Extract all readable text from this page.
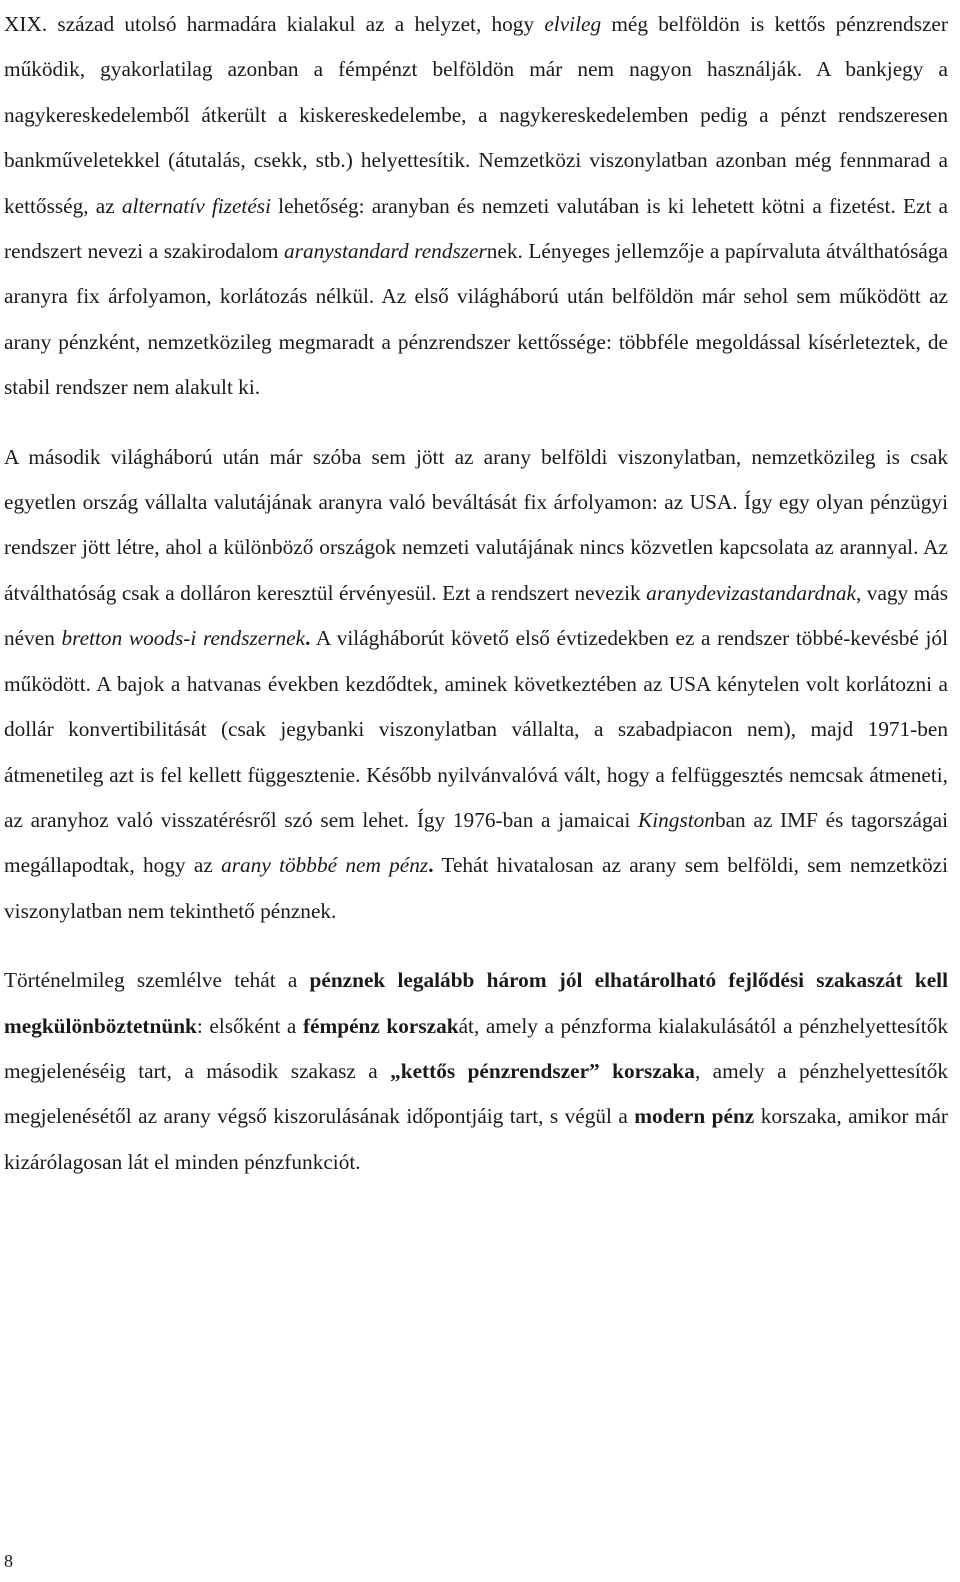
XIX. század utolsó harmadára kialakul az a helyzet, hogy elvileg még belföldön is kettős pénzrendszer működik, gyakorlatilag azonban a fémpénzt belföldön már nem nagyon használják. A bankjegy a nagykereskedelemből átkerült a kiskereskedelembe, a nagykereskedelemben pedig a pénzt rendszeresen bankműveletekkel (átutalás, csekk, stb.) helyettesítik. Nemzetközi viszonylatban azonban még fennmarad a kettősség, az alternatív fizetési lehetőség: aranyban és nemzeti valutában is ki lehetett kötni a fizetést. Ezt a rendszert nevezi a szakirodalom aranystandard rendszernek. Lényeges jellemzője a papírvaluta átválthatósága aranyra fix árfolyamon, korlátozás nélkül. Az első világháború után belföldön már sehol sem működött az arany pénzként, nemzetközileg megmaradt a pénzrendszer kettőssége: többféle megoldással kísérleteztek, de stabil rendszer nem alakult ki.

A második világháború után már szóba sem jött az arany belföldi viszonylatban, nemzetközileg is csak egyetlen ország vállalta valutájának aranyra való beváltását fix árfolyamon: az USA. Így egy olyan pénzügyi rendszer jött létre, ahol a különböző országok nemzeti valutájának nincs közvetlen kapcsolata az arannyal. Az átválthatóság csak a dolláron keresztül érvényesül. Ezt a rendszert nevezik aranydevizastandardnak, vagy más néven bretton woods-i rendszernek. A világháborút követő első évtizedekben ez a rendszer többé-kevésbé jól működött. A bajok a hatvanas években kezdődtek, aminek következtében az USA kénytelen volt korlátozni a dollár konvertibilitását (csak jegybanki viszonylatban vállalta, a szabadpiacon nem), majd 1971-ben átmenetileg azt is fel kellett függesztenie. Később nyilvánvalóvá vált, hogy a felfüggesztés nemcsak átmeneti, az aranyhoz való visszatérésről szó sem lehet. Így 1976-ban a jamaicai Kingstonban az IMF és tagországai megállapodtak, hogy az arany többbé nem pénz. Tehát hivatalosan az arany sem belföldi, sem nemzetközi viszonylatban nem tekinthető pénznek.

Történelmileg szemlélve tehát a pénznek legalább három jól elhatárolható fejlődési szakaszát kell megkülönböztetnünk: elsőként a fémpénz korszakát, amely a pénzforma kialakulásától a pénzhelyettesítők megjelenéséig tart, a második szakasz a „kettős pénzrendszer” korszaka, amely a pénzhelyettesítők megjelenésétől az arany végső kiszorulásának időpontjáig tart, s végül a modern pénz korszaka, amikor már kizárólagosan lát el minden pénzfunkciót.

8
